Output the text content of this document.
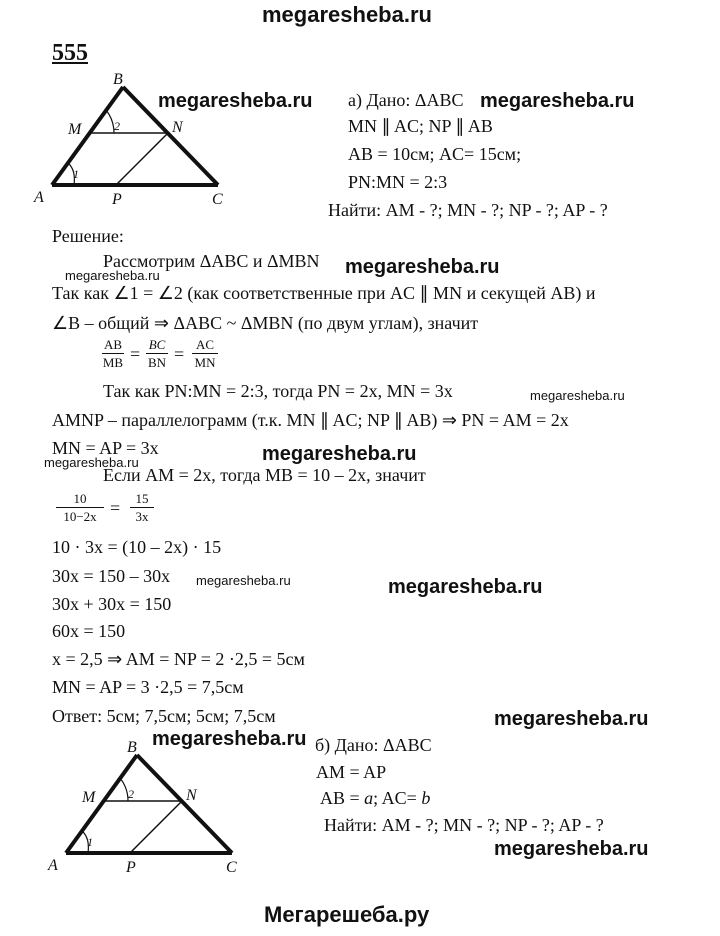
megaresheba.ru
555
B
M	N
A	P	C
1
2
megaresheba.ru а) Дано: ΔABC megaresheba.ru
MN ∥ AC; NP ∥ AB
AB = 10см; AC= 15см;
PN:MN = 2:3
Найти: AM - ?; MN - ?; NP - ?; AP - ?
Решение:
Рассмотрим ΔABC и ΔMBN megaresheba.ru
megaresheba.ru
Так как ∠1 = ∠2 (как соответственные при AC ∥ MN и секущей AB) и
∠B – общий ⇒ ΔABC ~ ΔMBN (по двум углам), значит
AB
MB = BC
BN = AC
MN
Так как PN:MN = 2:3, тогда PN = 2x, MN = 3x	megaresheba.ru
AMNP – параллелограмм (т.к. MN ∥ AC; NP ∥ AB) ⇒ PN = AM = 2x
MN = AP = 3x	megaresheba.ru
megaresheba.ru
Если AM = 2x, тогда MB = 10 – 2x, значит
10
10−2x = 15
3x
10 · 3x = (10 – 2x) · 15
30x = 150 – 30x megaresheba.ru	megaresheba.ru
30x + 30x = 150
60x = 150
x = 2,5 ⇒ AM = NP = 2 ·2,5 = 5см
MN = AP = 3 ·2,5 = 7,5см
Ответ: 5см; 7,5см; 5см; 7,5см	megaresheba.ru
B
M	N
A	P	C
1
2
megaresheba.ru б) Дано: ΔABC
AM = AP
AB = a; AC= b
Найти: AM - ?; MN - ?; NP - ?; AP - ?
megaresheba.ru
Мегарешеба.ру
